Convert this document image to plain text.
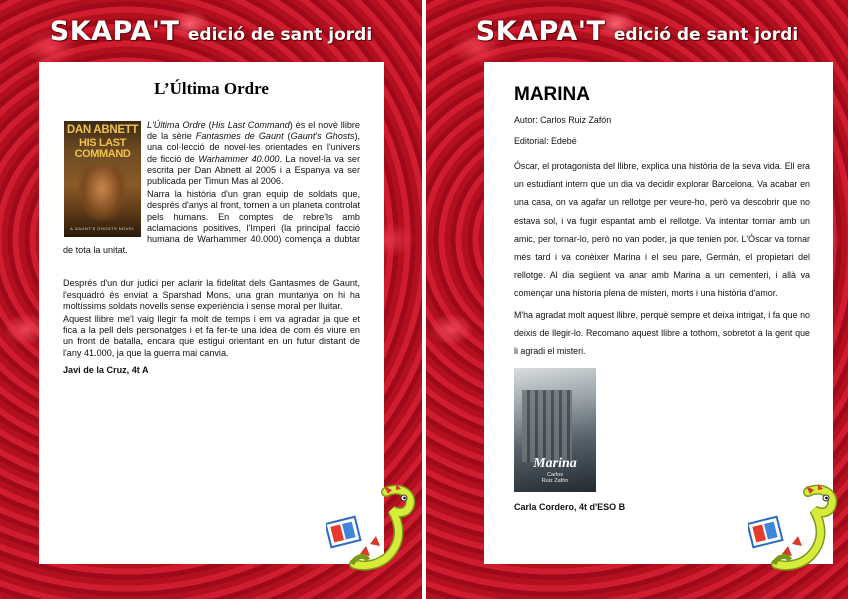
SKAPA'T edició de sant jordi
L’Última Ordre
DAN ABNETT
HIS LAST COMMAND
A GAUNT'S GHOSTS NOVEL

L'Última Ordre (His Last Command) és el novè llibre de la sèrie Fantasmes de Gaunt (Gaunt's Ghosts), una col·lecció de novel·les orientades en l'univers de ficció de Warhammer 40.000. La novel·la va ser escrita per Dan Abnett al 2005 i a Espanya va ser publicada per Timun Mas al 2006.

Narra la història d'un gran equip de soldats que, després d'anys al front, tornen a un planeta controlat pels humans. En comptes de rebre'ls amb aclamacions positives, l'Imperi (la principal facció humana de Warhammer 40.000) comença a dubtar de tota la unitat.

Després d'un dur judici per aclarir la fidelitat dels Gantasmes de Gaunt, l'esquadró és enviat a Sparshad Mons, una gran muntanya on hi ha moltíssims soldats novells sense experiència i sense moral per lluitar.

Aquest llibre me'l vaig llegir fa molt de temps i em va agradar ja que et fica a la pell dels personatges i et fa fer-te una idea de com és viure en un front de batalla, encara que estigui orientant en un futur distant de l'any 41.000, ja que la guerra mai canvia.

Javi de la Cruz, 4t A
SKAPA'T edició de sant jordi
MARINA
Autor: Carlos Ruiz Zafón
Editorial: Edebé
Óscar, el protagonista del llibre, explica una història de la seva vida. Ell era un estudiant intern que un dia va decidir explorar Barcelona. Va acabar en una casa, on va agafar un rellotge per veure-ho, però va descobrir que no estava sol, i va fugir espantat amb el rellotge. Va intentar tornar amb un amic, per tornar-lo, però no van poder, ja que tenien por. L'Óscar va tornar més tard i va conèixer Marina i el seu pare, Germán, el propietari del rellotge. Al dia següent va anar amb Marina a un cementeri, i allà va començar una historia plena de misteri, morts i una història d'amor.
M'ha agradat molt aquest llibre, perquè sempre et deixa intrigat, i fa que no deixis de llegir-lo. Recomano aquest llibre a tothom, sobretot a la gent que li agradi el misteri.
Marina
Carlos
Ruiz Zafón
Carla Cordero, 4t d'ESO B
